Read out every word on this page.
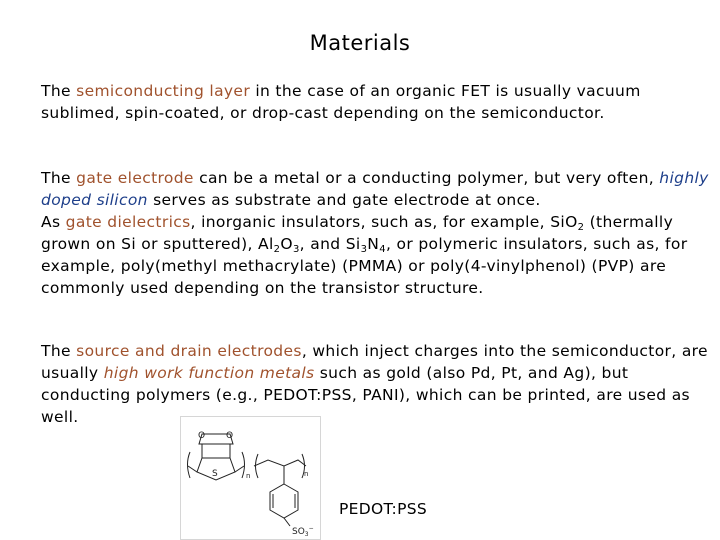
Materials

The semiconducting layer in the case of an organic FET is usually vacuum sublimed, spin-coated, or drop-cast depending on the semiconductor.

The gate electrode can be a metal or a conducting polymer, but very often, highly doped silicon serves as substrate and gate electrode at once.
As gate dielectrics, inorganic insulators, such as, for example, SiO$_2$ (thermally grown on Si or sputtered), $Al_2O_3$, and $Si_3N_4$, or polymeric insulators, such as, for example, poly(methyl methacrylate) (PMMA) or poly(4-vinylphenol) (PVP) are commonly used depending on the transistor structure.

The source and drain electrodes, which inject charges into the semiconductor, are usually high work function metals such as gold (also Pd, Pt, and Ag), but conducting polymers (e.g., PEDOT:PSS, PANI), which can be printed, are used as well.

O O
S	n	n
$SO_3^-$
PEDOT:PSS
